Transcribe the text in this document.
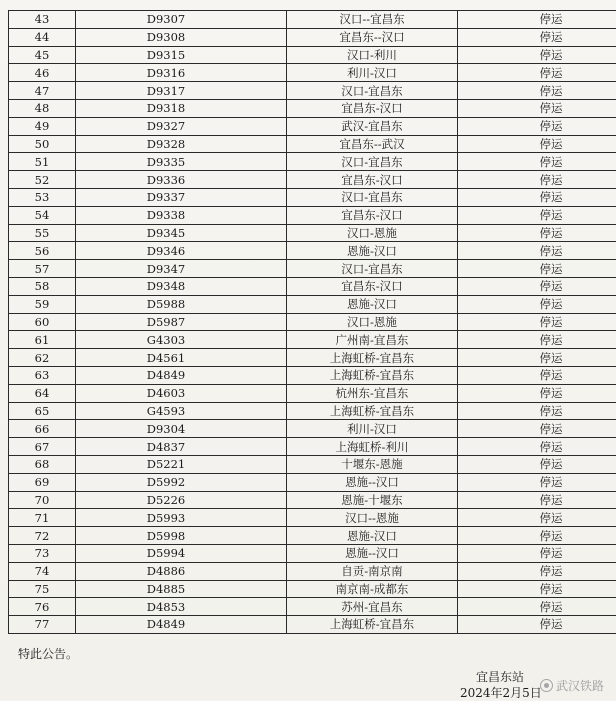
43	D9307	汉口--宜昌东	停运
44	D9308	宜昌东--汉口	停运
45	D9315	汉口-利川	停运
46	D9316	利川-汉口	停运
47	D9317	汉口-宜昌东	停运
48	D9318	宜昌东-汉口	停运
49	D9327	武汉-宜昌东	停运
50	D9328	宜昌东--武汉	停运
51	D9335	汉口-宜昌东	停运
52	D9336	宜昌东-汉口	停运
53	D9337	汉口-宜昌东	停运
54	D9338	宜昌东-汉口	停运
55	D9345	汉口-恩施	停运
56	D9346	恩施-汉口	停运
57	D9347	汉口-宜昌东	停运
58	D9348	宜昌东-汉口	停运
59	D5988	恩施-汉口	停运
60	D5987	汉口-恩施	停运
61	G4303	广州南-宜昌东	停运
62	D4561	上海虹桥-宜昌东	停运
63	D4849	上海虹桥-宜昌东	停运
64	D4603	杭州东-宜昌东	停运
65	G4593	上海虹桥-宜昌东	停运
66	D9304	利川-汉口	停运
67	D4837	上海虹桥-利川	停运
68	D5221	十堰东-恩施	停运
69	D5992	恩施--汉口	停运
70	D5226	恩施-十堰东	停运
71	D5993	汉口--恩施	停运
72	D5998	恩施-汉口	停运
73	D5994	恩施--汉口	停运
74	D4886	自贡-南京南	停运
75	D4885	南京南-成都东	停运
76	D4853	苏州-宜昌东	停运
77	D4849	上海虹桥-宜昌东	停运
特此公告。
宜昌东站
2024年2月5日 武汉铁路
